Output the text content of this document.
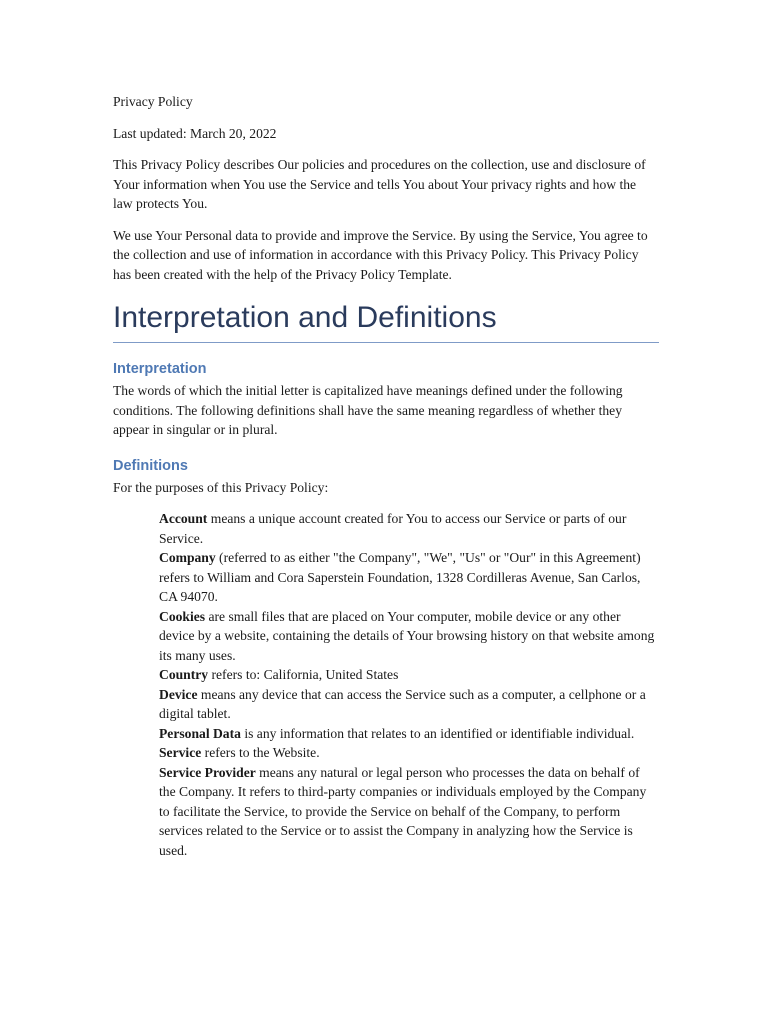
Privacy Policy

Last updated: March 20, 2022

This Privacy Policy describes Our policies and procedures on the collection, use and disclosure of Your information when You use the Service and tells You about Your privacy rights and how the law protects You.

We use Your Personal data to provide and improve the Service. By using the Service, You agree to the collection and use of information in accordance with this Privacy Policy. This Privacy Policy has been created with the help of the Privacy Policy Template.

Interpretation and Definitions
Interpretation

The words of which the initial letter is capitalized have meanings defined under the following conditions. The following definitions shall have the same meaning regardless of whether they appear in singular or in plural.

Definitions

For the purposes of this Privacy Policy:

Account means a unique account created for You to access our Service or parts of our Service.
Company (referred to as either "the Company", "We", "Us" or "Our" in this Agreement) refers to William and Cora Saperstein Foundation, 1328 Cordilleras Avenue, San Carlos, CA 94070.
Cookies are small files that are placed on Your computer, mobile device or any other device by a website, containing the details of Your browsing history on that website among its many uses.
Country refers to: California, United States
Device means any device that can access the Service such as a computer, a cellphone or a digital tablet.
Personal Data is any information that relates to an identified or identifiable individual.
Service refers to the Website.
Service Provider means any natural or legal person who processes the data on behalf of the Company. It refers to third-party companies or individuals employed by the Company to facilitate the Service, to provide the Service on behalf of the Company, to perform services related to the Service or to assist the Company in analyzing how the Service is used.
